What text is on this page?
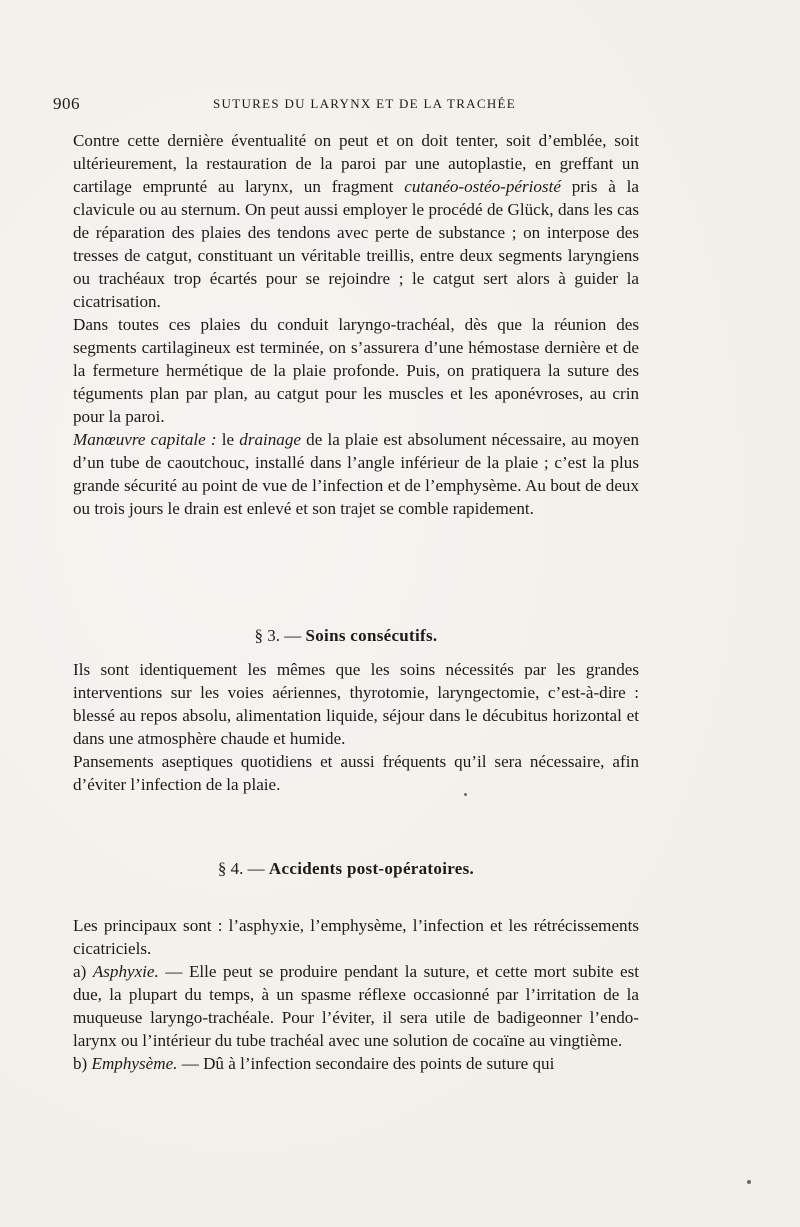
906	SUTURES DU LARYNX ET DE LA TRACHÉE

Contre cette dernière éventualité on peut et on doit tenter, soit d’emblée, soit ultérieurement, la restauration de la paroi par une autoplastie, en greffant un cartilage emprunté au larynx, un fragment cutanéo-ostéo-périosté pris à la clavicule ou au sternum. On peut aussi employer le procédé de Glück, dans les cas de réparation des plaies des tendons avec perte de substance ; on interpose des tresses de catgut, constituant un véritable treillis, entre deux segments laryngiens ou trachéaux trop écartés pour se rejoindre ; le catgut sert alors à guider la cicatrisation.

Dans toutes ces plaies du conduit laryngo-trachéal, dès que la réunion des segments cartilagineux est terminée, on s’assurera d’une hémostase dernière et de la fermeture hermétique de la plaie profonde. Puis, on pratiquera la suture des téguments plan par plan, au catgut pour les muscles et les aponévroses, au crin pour la paroi.

Manœuvre capitale : le drainage de la plaie est absolument nécessaire, au moyen d’un tube de caoutchouc, installé dans l’angle inférieur de la plaie ; c’est la plus grande sécurité au point de vue de l’infection et de l’emphysème. Au bout de deux ou trois jours le drain est enlevé et son trajet se comble rapidement.

§ 3. — Soins consécutifs.

Ils sont identiquement les mêmes que les soins nécessités par les grandes interventions sur les voies aériennes, thyrotomie, laryngectomie, c’est-à-dire : blessé au repos absolu, alimentation liquide, séjour dans le décubitus horizontal et dans une atmosphère chaude et humide.

Pansements aseptiques quotidiens et aussi fréquents qu’il sera nécessaire, afin d’éviter l’infection de la plaie.

§ 4. — Accidents post-opératoires.

Les principaux sont : l’asphyxie, l’emphysème, l’infection et les rétrécissements cicatriciels.

a) Asphyxie. — Elle peut se produire pendant la suture, et cette mort subite est due, la plupart du temps, à un spasme réflexe occasionné par l’irritation de la muqueuse laryngo-trachéale. Pour l’éviter, il sera utile de badigeonner l’endo-larynx ou l’intérieur du tube trachéal avec une solution de cocaïne au vingtième.

b) Emphysème. — Dû à l’infection secondaire des points de suture qui
